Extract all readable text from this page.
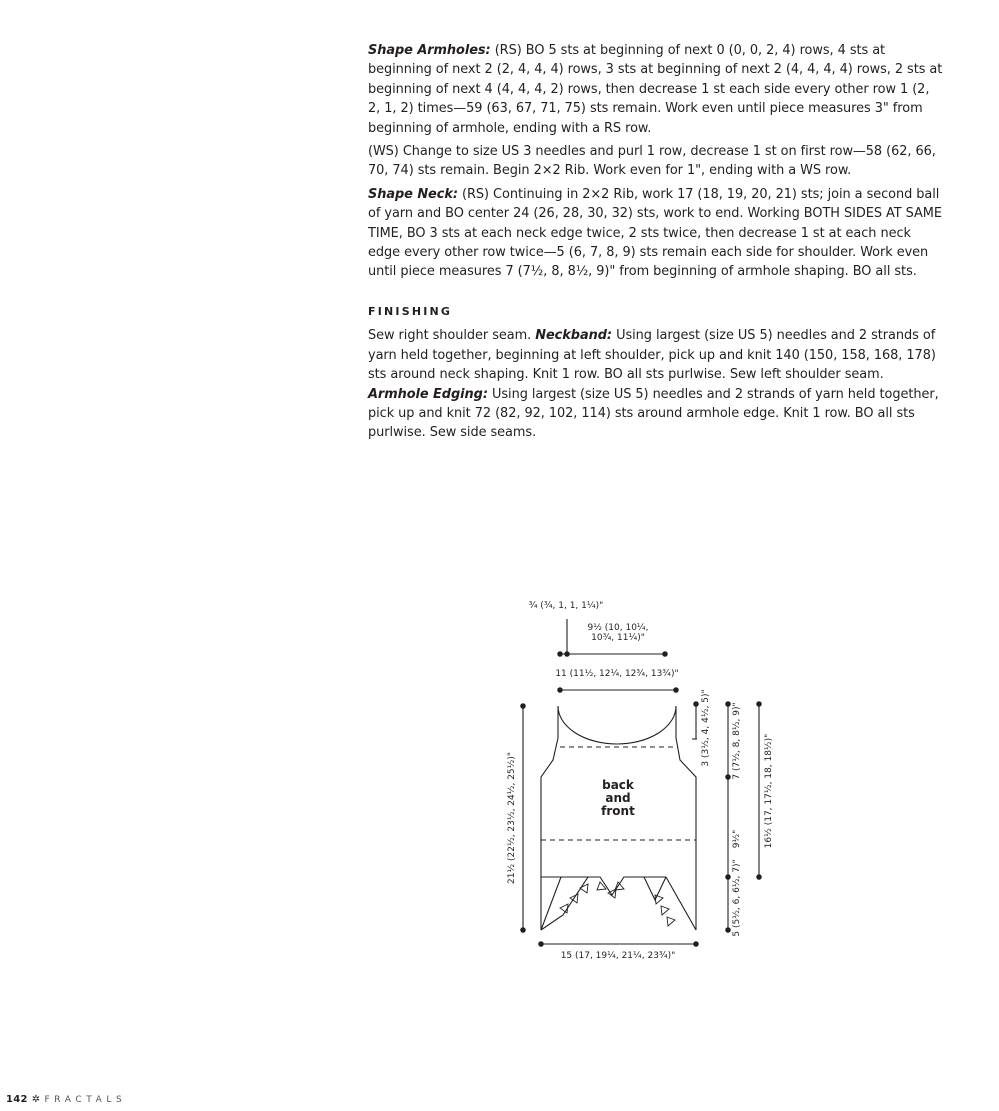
Shape Armholes: (RS) BO 5 sts at beginning of next 0 (0, 0, 2, 4) rows, 4 sts at beginning of next 2 (2, 4, 4, 4) rows, 3 sts at beginning of next 2 (4, 4, 4, 4) rows, 2 sts at beginning of next 4 (4, 4, 4, 2) rows, then decrease 1 st each side every other row 1 (2, 2, 1, 2) times—59 (63, 67, 71, 75) sts remain. Work even until piece measures 3" from beginning of armhole, ending with a RS row.

(WS) Change to size US 3 needles and purl 1 row, decrease 1 st on first row—58 (62, 66, 70, 74) sts remain. Begin 2×2 Rib. Work even for 1", ending with a WS row.

Shape Neck: (RS) Continuing in 2×2 Rib, work 17 (18, 19, 20, 21) sts; join a second ball of yarn and BO center 24 (26, 28, 30, 32) sts, work to end. Working BOTH SIDES AT SAME TIME, BO 3 sts at each neck edge twice, 2 sts twice, then decrease 1 st at each neck edge every other row twice—5 (6, 7, 8, 9) sts remain each side for shoulder. Work even until piece measures 7 (7½, 8, 8½, 9)" from beginning of armhole shaping. BO all sts.

FINISHING

Sew right shoulder seam. Neckband: Using largest (size US 5) needles and 2 strands of yarn held together, beginning at left shoulder, pick up and knit 140 (150, 158, 168, 178) sts around neck shaping. Knit 1 row. BO all sts purlwise. Sew left shoulder seam. Armhole Edging: Using largest (size US 5) needles and 2 strands of yarn held together, pick up and knit 72 (82, 92, 102, 114) sts around armhole edge. Knit 1 row. BO all sts purlwise. Sew side seams.

back
and
front
¾ (¾, 1, 1, 1¼)"
9½ (10, 10¼,
10¾, 11¼)"
11 (11½, 12¼, 12¾, 13¾)"
15 (17, 19¼, 21¼, 23¾)"
21½ (22½, 23½, 24½, 25½)"
3 (3½, 4, 4½, 5)" 7 (7½, 8, 8½, 9)"
9½"
5 (5½, 6, 6½, 7)"
16½ (17, 17½, 18, 18½)"
142 ✲ FRACTALS
